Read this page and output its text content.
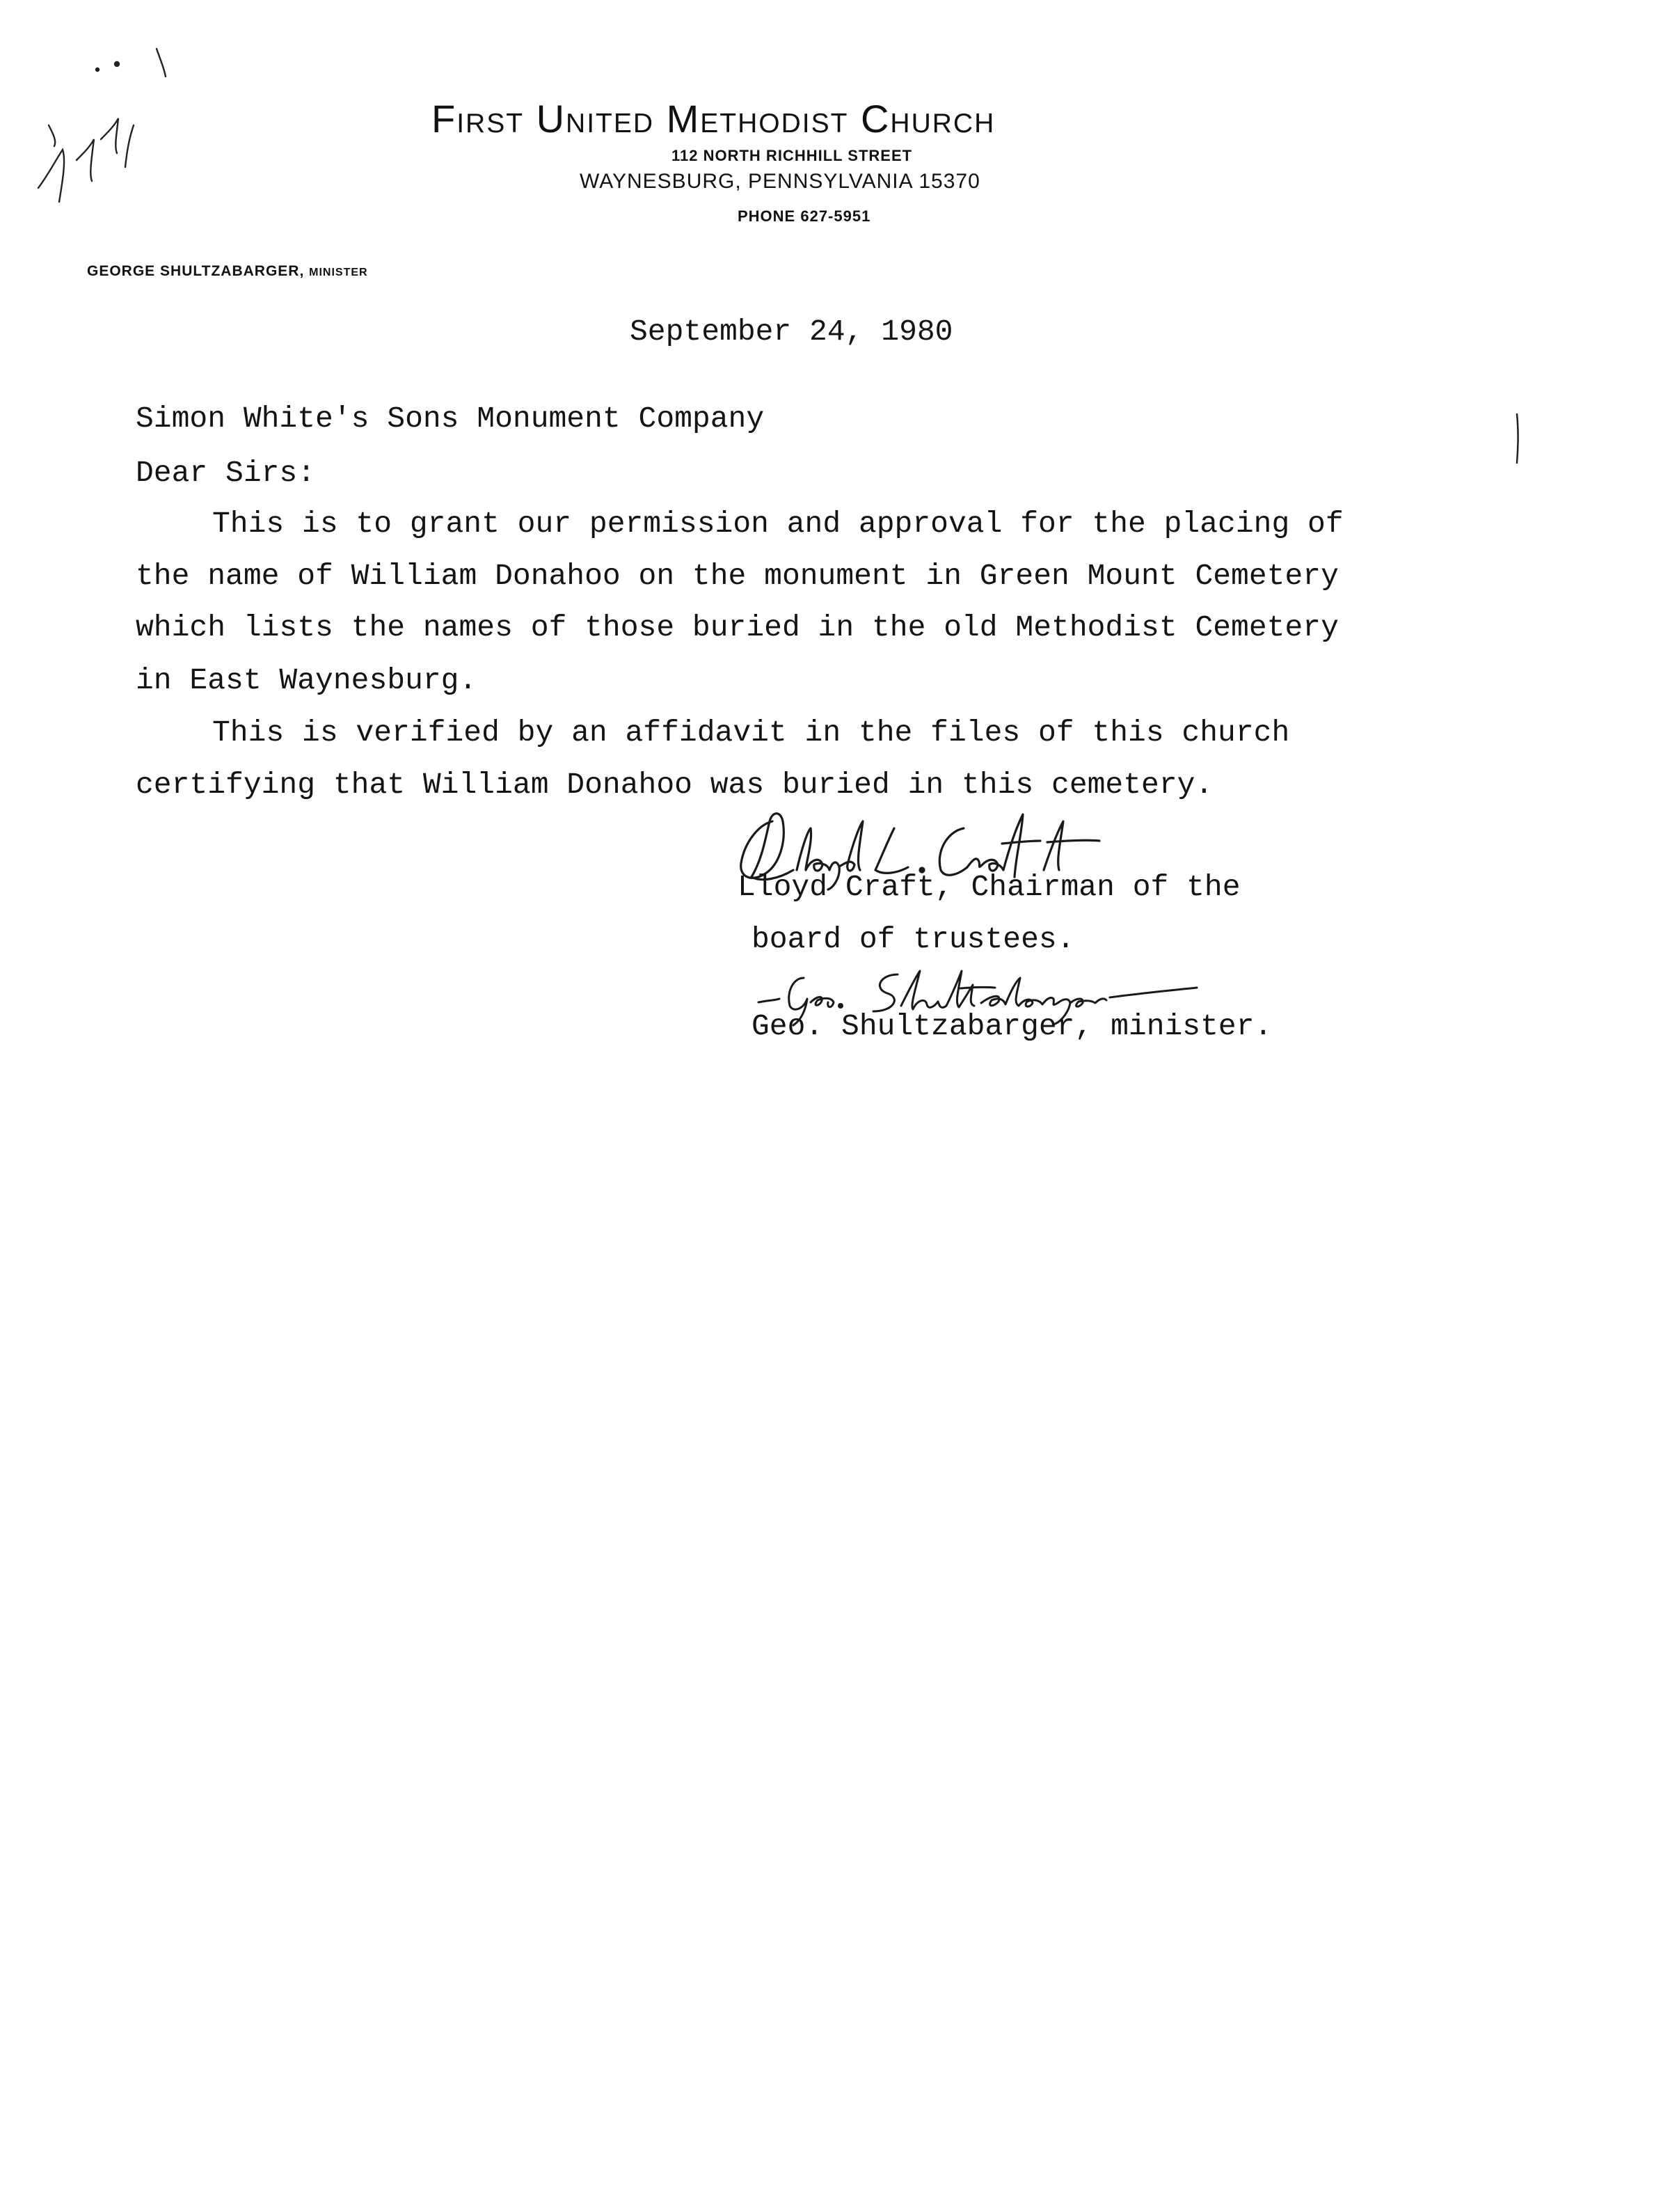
First United Methodist Church
112 NORTH RICHHILL STREET
WAYNESBURG, PENNSYLVANIA 15370
PHONE 627-5951
GEORGE SHULTZABARGER, MINISTER
September 24, 1980
Simon White's Sons Monument Company
Dear Sirs:
This is to grant our permission and approval for the placing of
the name of William Donahoo on the monument in Green Mount Cemetery
which lists the names of those buried in the old Methodist Cemetery
in East Waynesburg.
This is verified by an affidavit in the files of this church
certifying that William Donahoo was buried in this cemetery.
Lloyd Craft, Chairman of the
board of trustees.
Geo. Shultzabarger, minister.
